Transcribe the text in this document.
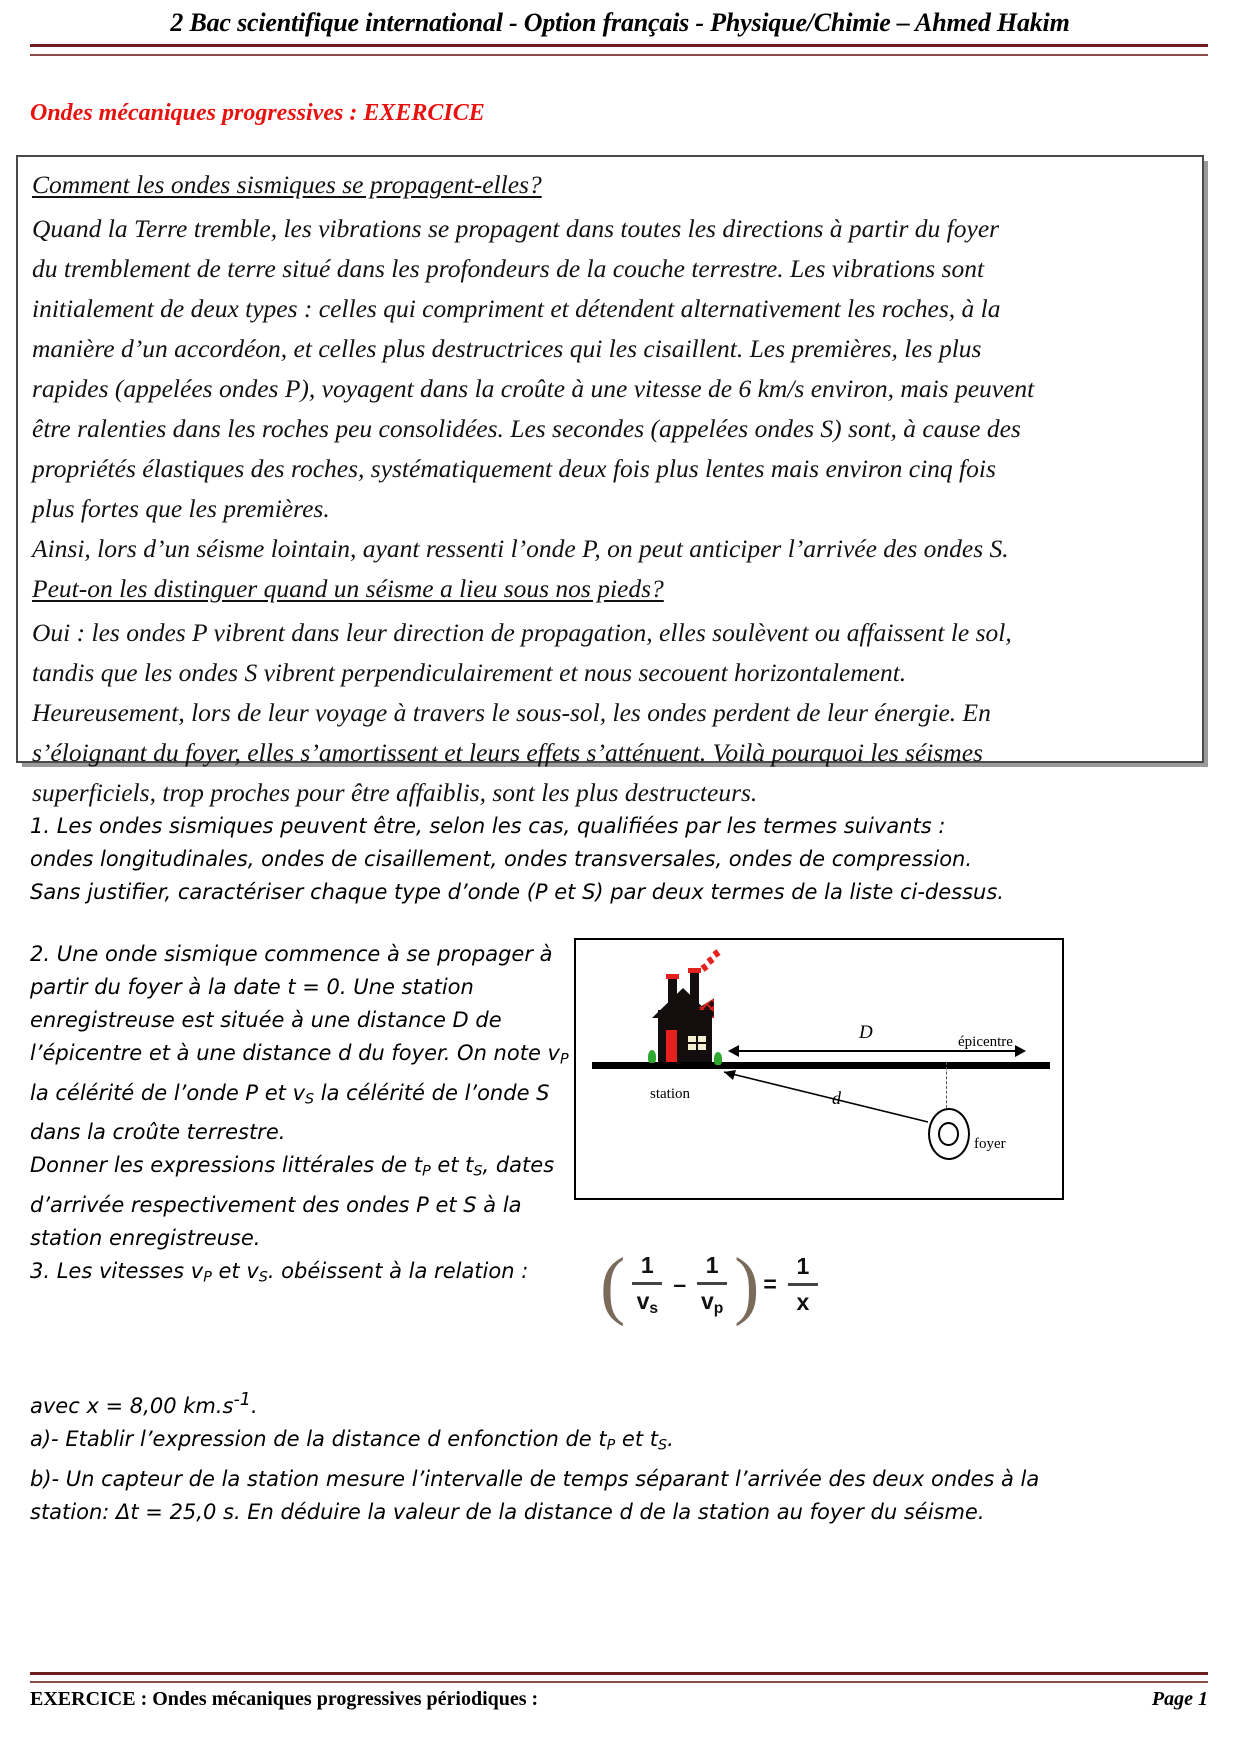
2 Bac scientifique international - Option français - Physique/Chimie – Ahmed Hakim
Ondes mécaniques progressives : EXERCICE
Comment les ondes sismiques se propagent-elles?
Quand la Terre tremble, les vibrations se propagent dans toutes les directions à partir du foyer
du tremblement de terre situé dans les profondeurs de la couche terrestre. Les vibrations sont
initialement de deux types : celles qui compriment et détendent alternativement les roches, à la
manière d’un accordéon, et celles plus destructrices qui les cisaillent. Les premières, les plus
rapides (appelées ondes P), voyagent dans la croûte à une vitesse de 6 km/s environ, mais peuvent
être ralenties dans les roches peu consolidées. Les secondes (appelées ondes S) sont, à cause des
propriétés élastiques des roches, systématiquement deux fois plus lentes mais environ cinq fois
plus fortes que les premières.
Ainsi, lors d’un séisme lointain, ayant ressenti l’onde P, on peut anticiper l’arrivée des ondes S.
Peut-on les distinguer quand un séisme a lieu sous nos pieds?
Oui : les ondes P vibrent dans leur direction de propagation, elles soulèvent ou affaissent le sol,
tandis que les ondes S vibrent perpendiculairement et nous secouent horizontalement.
Heureusement, lors de leur voyage à travers le sous-sol, les ondes perdent de leur énergie. En
s’éloignant du foyer, elles s’amortissent et leurs effets s’atténuent. Voilà pourquoi les séismes
superficiels, trop proches pour être affaiblis, sont les plus destructeurs.
1. Les ondes sismiques peuvent être, selon les cas, qualifiées par les termes suivants :
ondes longitudinales, ondes de cisaillement, ondes transversales, ondes de compression.
Sans justifier, caractériser chaque type d’onde (P et S) par deux termes de la liste ci-dessus.
2. Une onde sismique commence à se propager à
partir du foyer à la date t = 0. Une station
enregistreuse est située à une distance D de
l’épicentre et à une distance d du foyer. On note $v_P$
la célérité de l’onde P et $v_S$ la célérité de l’onde S
dans la croûte terrestre.
Donner les expressions littérales de $t_P$ et $t_S$, dates
d’arrivée respectivement des ondes P et S à la
station enregistreuse.
D	épicentre
station
foyer
d
3. Les vitesses $v_P$ et $v_S$. obéissent à la relation : ( $\frac{1}{v_s} - \frac{1}{v_p}$ ) = $\frac{1}{x}$
avec x = 8,00 $km.s^{-1}$.
a)- Etablir l’expression de la distance d enfonction de $t_P$ et $t_S$.
b)- Un capteur de la station mesure l’intervalle de temps séparant l’arrivée des deux ondes à la
station: Δt = 25,0 s. En déduire la valeur de la distance d de la station au foyer du séisme.
EXERCICE : Ondes mécaniques progressives périodiques :	Page 1
